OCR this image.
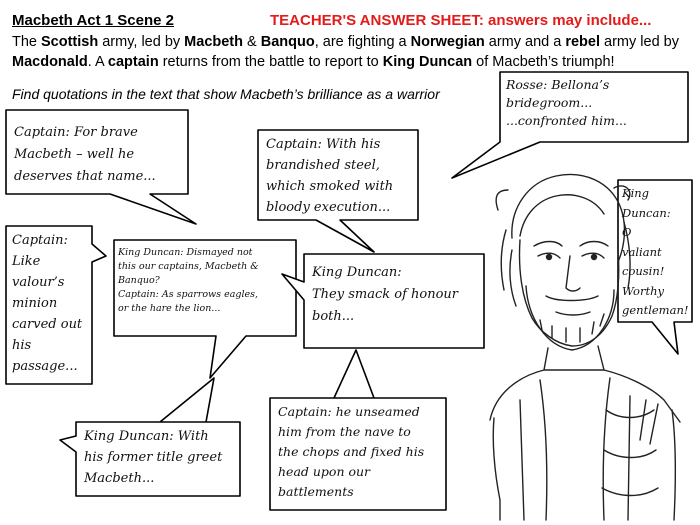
Macbeth Act 1 Scene 2	TEACHER'S ANSWER SHEET: answers may include...
The Scottish army, led by Macbeth & Banquo, are fighting a Norwegian army and a rebel army led by Macdonald. A captain returns from the battle to report to King Duncan of Macbeth’s triumph!
Find quotations in the text that show Macbeth’s brilliance as a warrior
Rosse: Bellona’s
bridegroom...
...confronted him...
Captain: For brave
Macbeth – well he
deserves that name...
Captain: With his
brandished steel,
which smoked with
bloody execution...
Captain:
Like
valour’s
minion
carved out
his
passage...
King Duncan: Dismayed not
this our captains, Macbeth &
Banquo?
Captain: As sparrows eagles,
or the hare the lion...
King Duncan:
They smack of honour
both...
King
Duncan:
O
valiant
cousin!
Worthy
gentleman!
King Duncan: With
his former title greet
Macbeth...
Captain: he unseamed
him from the nave to
the chops and fixed his
head upon our
battlements
